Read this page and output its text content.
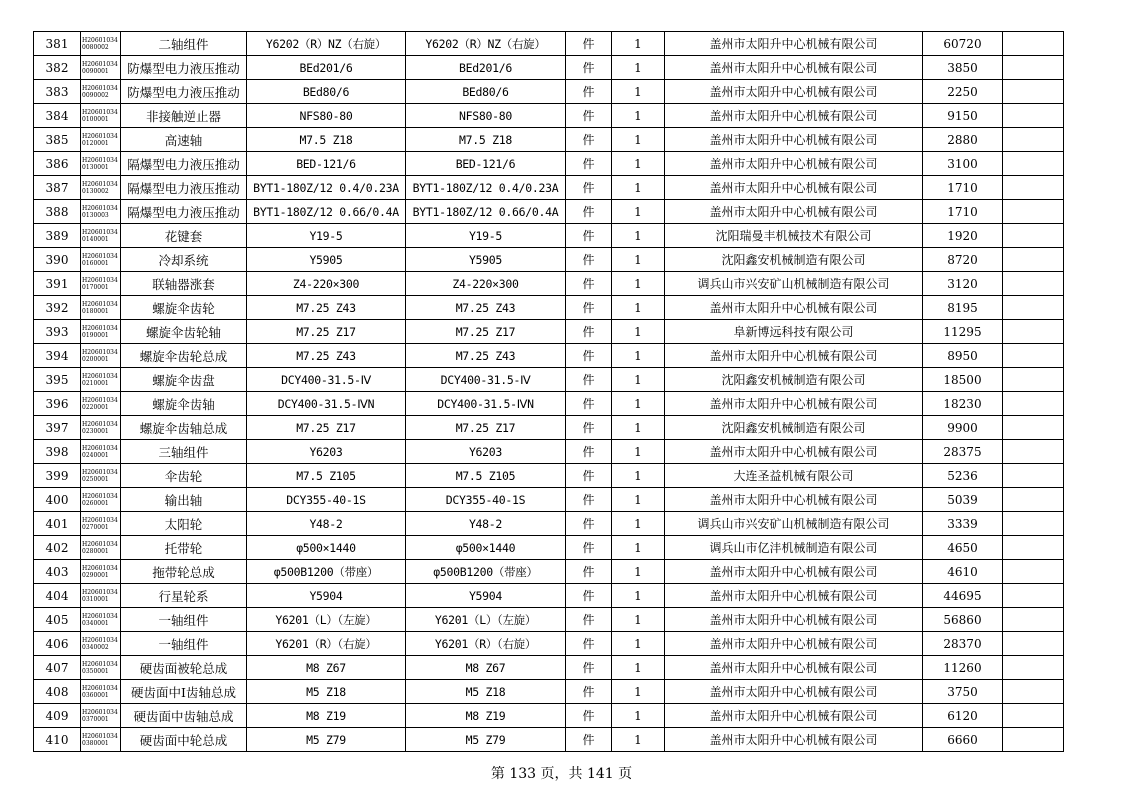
381	H20601034 0080002	二轴组件	Y6202（R）NZ（右旋）	Y6202（R）NZ（右旋）	件	1	盖州市太阳升中心机械有限公司	60720	
382	H20601034 0090001	防爆型电力液压推动	BEd201/6	BEd201/6	件	1	盖州市太阳升中心机械有限公司	3850	
383	H20601034 0090002	防爆型电力液压推动	BEd80/6	BEd80/6	件	1	盖州市太阳升中心机械有限公司	2250	
384	H20601034 0100001	非接触逆止器	NFS80-80	NFS80-80	件	1	盖州市太阳升中心机械有限公司	9150	
385	H20601034 0120001	高速轴	M7.5 Z18	M7.5 Z18	件	1	盖州市太阳升中心机械有限公司	2880	
386	H20601034 0130001	隔爆型电力液压推动	BED-121/6	BED-121/6	件	1	盖州市太阳升中心机械有限公司	3100	
387	H20601034 0130002	隔爆型电力液压推动	BYT1-180Z/12 0.4/0.23A	BYT1-180Z/12 0.4/0.23A	件	1	盖州市太阳升中心机械有限公司	1710	
388	H20601034 0130003	隔爆型电力液压推动	BYT1-180Z/12 0.66/0.4A	BYT1-180Z/12 0.66/0.4A	件	1	盖州市太阳升中心机械有限公司	1710	
389	H20601034 0140001	花键套	Y19-5	Y19-5	件	1	沈阳瑞曼丰机械技术有限公司	1920	
390	H20601034 0160001	冷却系统	Y5905	Y5905	件	1	沈阳鑫安机械制造有限公司	8720	
391	H20601034 0170001	联轴器涨套	Z4-220×300	Z4-220×300	件	1	调兵山市兴安矿山机械制造有限公司	3120	
392	H20601034 0180001	螺旋伞齿轮	M7.25 Z43	M7.25 Z43	件	1	盖州市太阳升中心机械有限公司	8195	
393	H20601034 0190001	螺旋伞齿轮轴	M7.25 Z17	M7.25 Z17	件	1	阜新博远科技有限公司	11295	
394	H20601034 0200001	螺旋伞齿轮总成	M7.25 Z43	M7.25 Z43	件	1	盖州市太阳升中心机械有限公司	8950	
395	H20601034 0210001	螺旋伞齿盘	DCY400-31.5-Ⅳ	DCY400-31.5-Ⅳ	件	1	沈阳鑫安机械制造有限公司	18500	
396	H20601034 0220001	螺旋伞齿轴	DCY400-31.5-ⅣN	DCY400-31.5-ⅣN	件	1	盖州市太阳升中心机械有限公司	18230	
397	H20601034 0230001	螺旋伞齿轴总成	M7.25 Z17	M7.25 Z17	件	1	沈阳鑫安机械制造有限公司	9900	
398	H20601034 0240001	三轴组件	Y6203	Y6203	件	1	盖州市太阳升中心机械有限公司	28375	
399	H20601034 0250001	伞齿轮	M7.5 Z105	M7.5 Z105	件	1	大连圣益机械有限公司	5236	
400	H20601034 0260001	输出轴	DCY355-40-1S	DCY355-40-1S	件	1	盖州市太阳升中心机械有限公司	5039	
401	H20601034 0270001	太阳轮	Y48-2	Y48-2	件	1	调兵山市兴安矿山机械制造有限公司	3339	
402	H20601034 0280001	托带轮	φ500×1440	φ500×1440	件	1	调兵山市亿沣机械制造有限公司	4650	
403	H20601034 0290001	拖带轮总成	φ500B1200（带座）	φ500B1200（带座）	件	1	盖州市太阳升中心机械有限公司	4610	
404	H20601034 0310001	行星轮系	Y5904	Y5904	件	1	盖州市太阳升中心机械有限公司	44695	
405	H20601034 0340001	一轴组件	Y6201（L）（左旋）	Y6201（L）（左旋）	件	1	盖州市太阳升中心机械有限公司	56860	
406	H20601034 0340002	一轴组件	Y6201（R）（右旋）	Y6201（R）（右旋）	件	1	盖州市太阳升中心机械有限公司	28370	
407	H20601034 0350001	硬齿面被轮总成	M8 Z67	M8 Z67	件	1	盖州市太阳升中心机械有限公司	11260	
408	H20601034 0360001	硬齿面中I齿轴总成	M5 Z18	M5 Z18	件	1	盖州市太阳升中心机械有限公司	3750	
409	H20601034 0370001	硬齿面中齿轴总成	M8 Z19	M8 Z19	件	1	盖州市太阳升中心机械有限公司	6120	
410	H20601034 0380001	硬齿面中轮总成	M5 Z79	M5 Z79	件	1	盖州市太阳升中心机械有限公司	6660	
第 133 页，共 141 页
